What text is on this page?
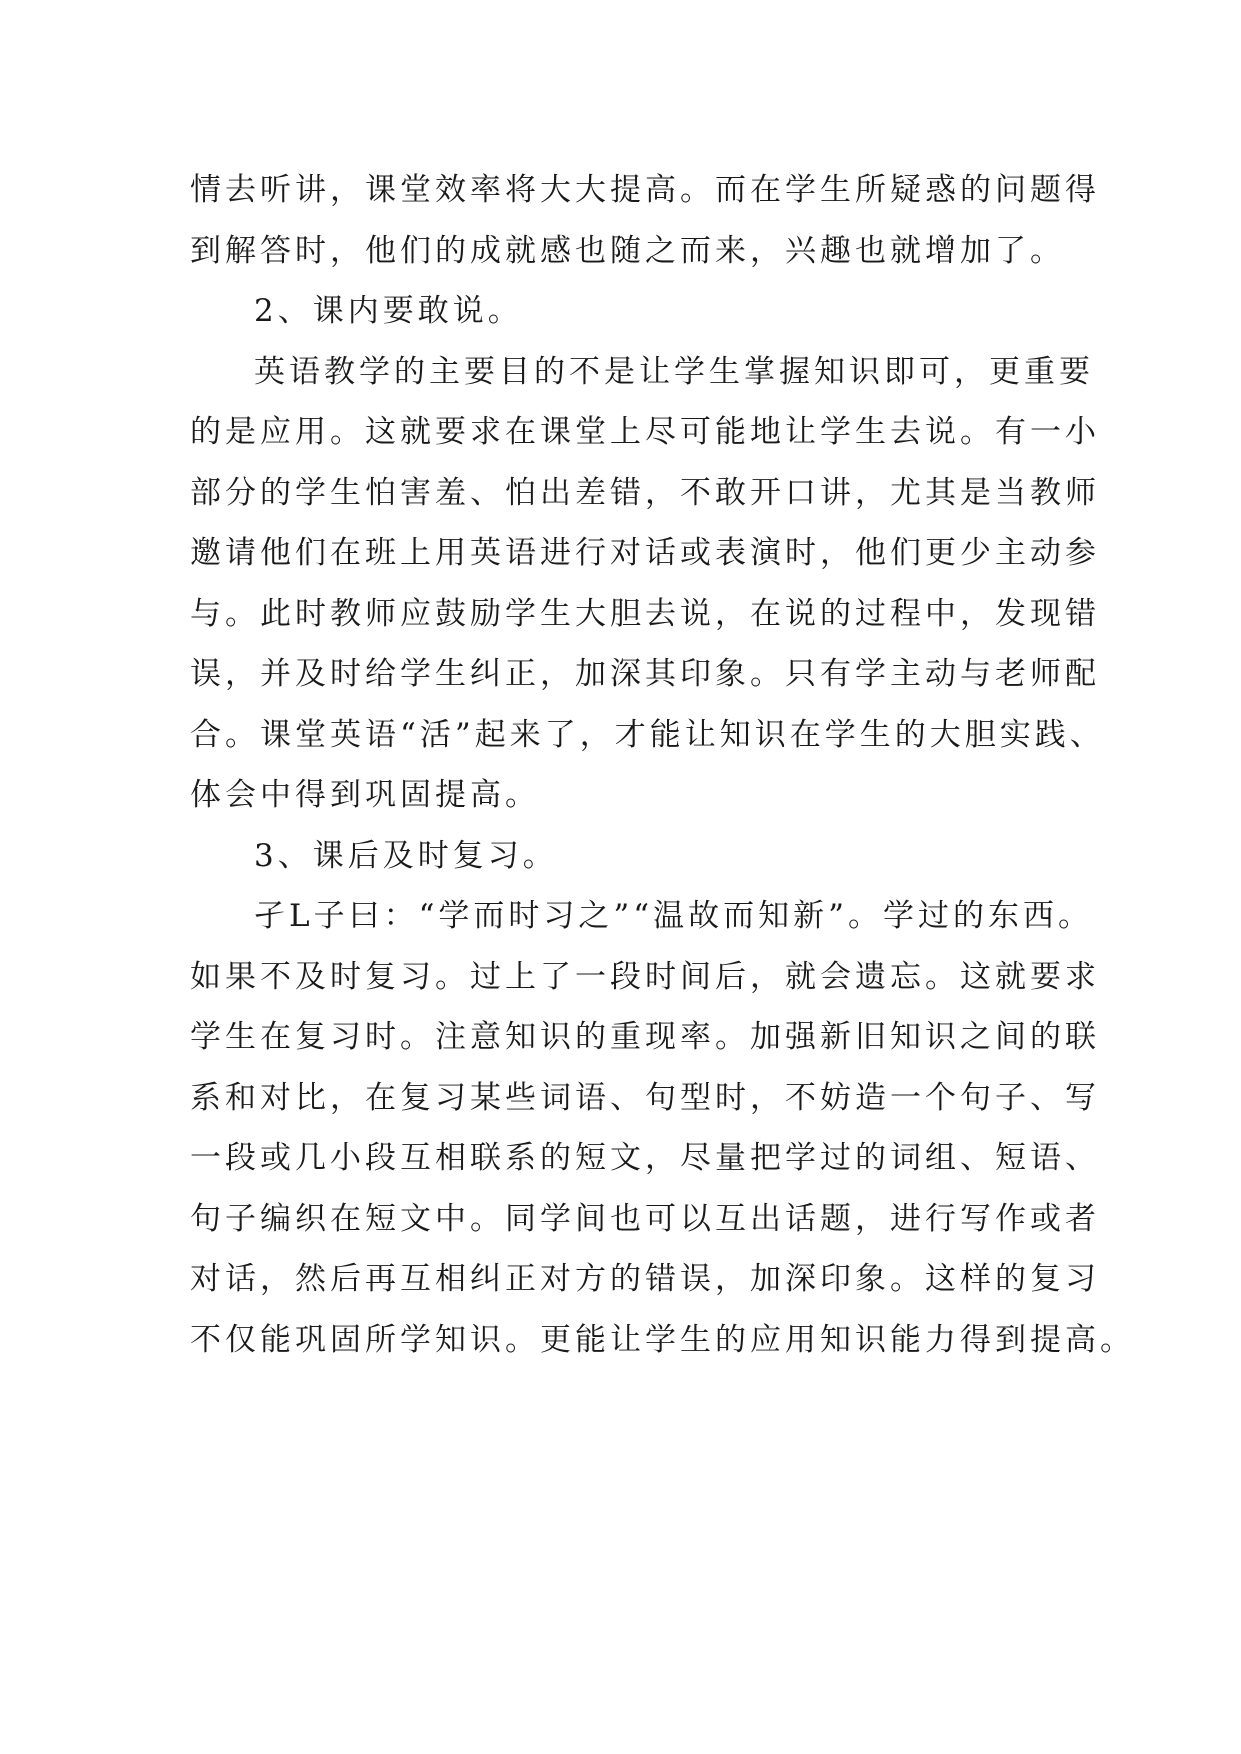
情去听讲，课堂效率将大大提高。而在学生所疑惑的问题得
到解答时，他们的成就感也随之而来，兴趣也就增加了。
2、课内要敢说。
英语教学的主要目的不是让学生掌握知识即可，更重要
的是应用。这就要求在课堂上尽可能地让学生去说。有一小
部分的学生怕害羞、怕出差错，不敢开口讲，尤其是当教师
邀请他们在班上用英语进行对话或表演时，他们更少主动参
与。此时教师应鼓励学生大胆去说，在说的过程中，发现错
误，并及时给学生纠正，加深其印象。只有学主动与老师配
合。课堂英语“活”起来了，才能让知识在学生的大胆实践、
体会中得到巩固提高。
3、课后及时复习。
孑L子曰：“学而时习之”“温故而知新”。学过的东西。
如果不及时复习。过上了一段时间后，就会遗忘。这就要求
学生在复习时。注意知识的重现率。加强新旧知识之间的联
系和对比，在复习某些词语、句型时，不妨造一个句子、写
一段或几小段互相联系的短文，尽量把学过的词组、短语、
句子编织在短文中。同学间也可以互出话题，进行写作或者
对话，然后再互相纠正对方的错误，加深印象。这样的复习
不仅能巩固所学知识。更能让学生的应用知识能力得到提高。
